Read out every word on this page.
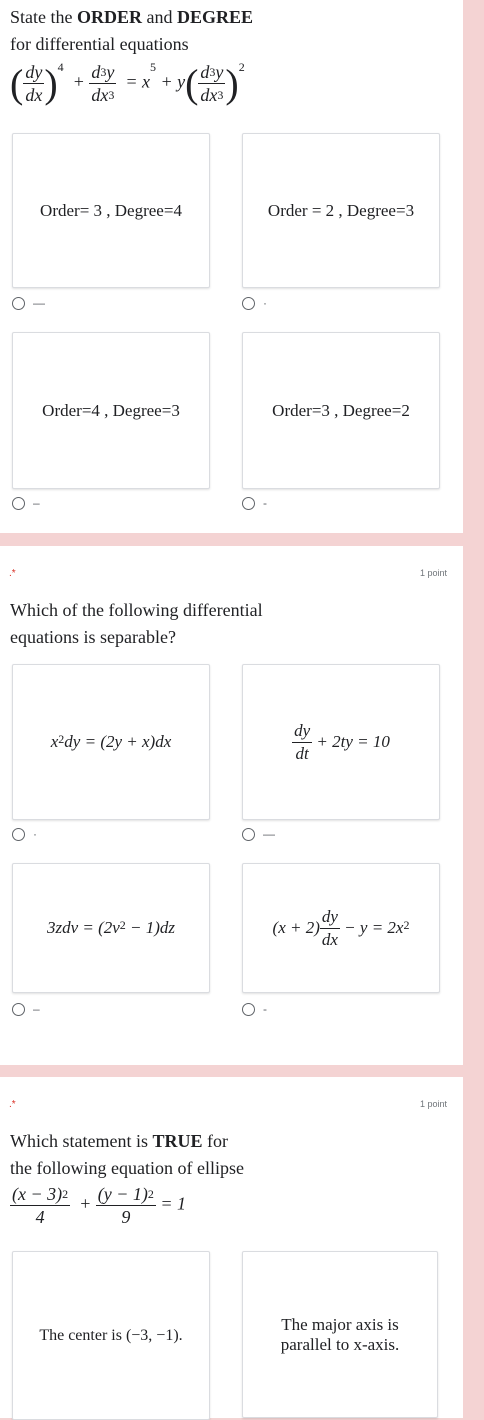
State the ORDER and DEGREE
for differential equations
( $\frac{dy}{dx} )^4 + \frac{d^3y}{dx^3} = x^5 + y( \frac{d^3y}{dx^3} )^2$
Order= 3 , Degree=4	Order = 2 , Degree=3
—	·
Order=4 , Degree=3	Order=3 , Degree=2
–	-
.*	1 point
Which of the following differential
equations is separable?
$x^2dy = (2y + x)dx$	$\frac{dy}{dt}$
+ 2ty = 10
·	—
$3zdv = (2v^2 - 1)dz$	$(x + 2) \frac{dy}{dx} - y = 2x^2$
–	-
.*	1 point
Which statement is TRUE for
the following equation of ellipse
$\frac{(x - 3)^2}{4} + \frac{(y - 1)^2}{9} = 1$
The center is (−3, −1).
The major axis is parallel to x-axis.
